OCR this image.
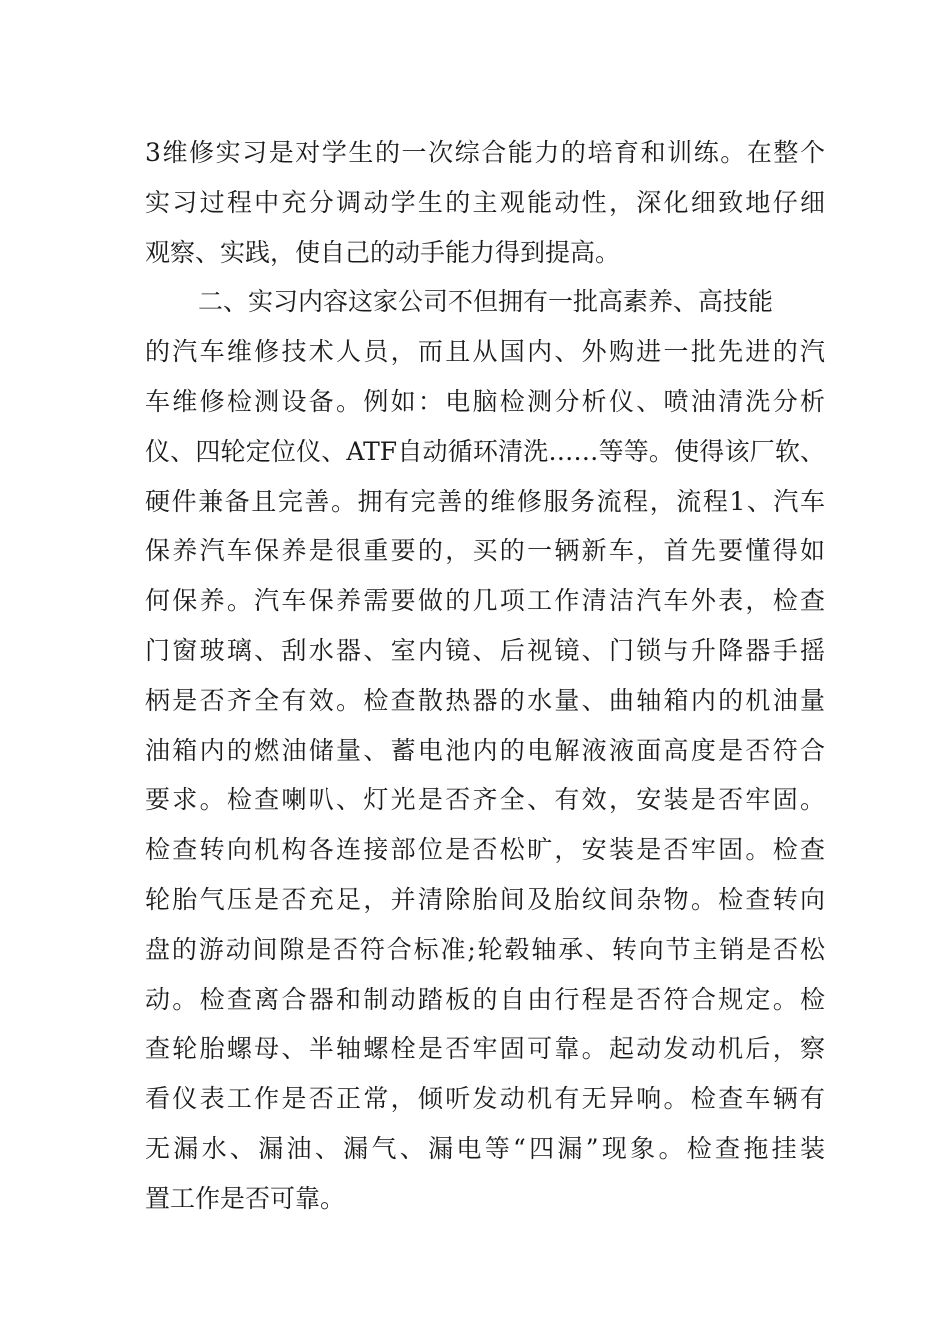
3维修实习是对学生的一次综合能力的培育和训练。在整个
实习过程中充分调动学生的主观能动性，深化细致地仔细
观察、实践，使自己的动手能力得到提高。
二、实习内容这家公司不但拥有一批高素养、高技能
的汽车维修技术人员，而且从国内、外购进一批先进的汽
车维修检测设备。例如：电脑检测分析仪、喷油清洗分析
仪、四轮定位仪、ATF自动循环清洗……等等。使得该厂软、
硬件兼备且完善。拥有完善的维修服务流程，流程1、汽车
保养汽车保养是很重要的，买的一辆新车，首先要懂得如
何保养。汽车保养需要做的几项工作清洁汽车外表，检查
门窗玻璃、刮水器、室内镜、后视镜、门锁与升降器手摇
柄是否齐全有效。检查散热器的水量、曲轴箱内的机油量
油箱内的燃油储量、蓄电池内的电解液液面高度是否符合
要求。检查喇叭、灯光是否齐全、有效，安装是否牢固。
检查转向机构各连接部位是否松旷，安装是否牢固。检查
轮胎气压是否充足，并清除胎间及胎纹间杂物。检查转向
盘的游动间隙是否符合标准;轮毂轴承、转向节主销是否松
动。检查离合器和制动踏板的自由行程是否符合规定。检
查轮胎螺母、半轴螺栓是否牢固可靠。起动发动机后，察
看仪表工作是否正常，倾听发动机有无异响。检查车辆有
无漏水、漏油、漏气、漏电等“四漏”现象。检查拖挂装
置工作是否可靠。
